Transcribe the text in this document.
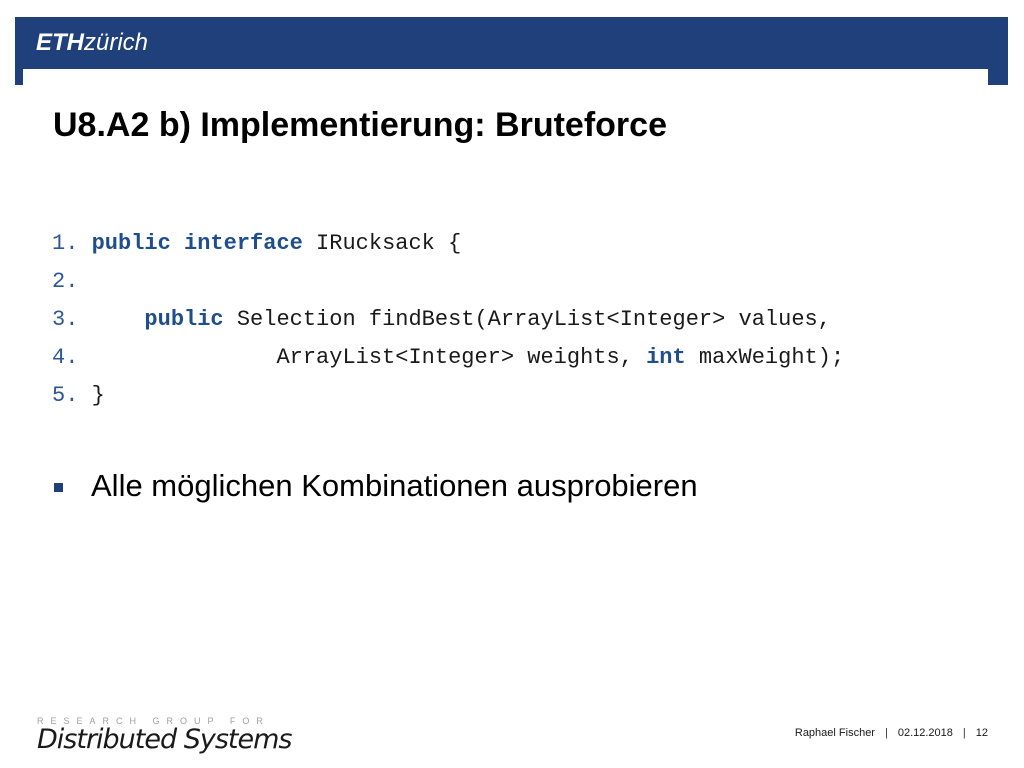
ETHzürich
U8.A2 b) Implementierung: Bruteforce
1. public interface IRucksack {
2.
3.	public Selection findBest(ArrayList<Integer> values,
4.               ArrayList<Integer> weights, int maxWeight);
5. }
Alle möglichen Kombinationen ausprobieren
RESEARCH GROUP FOR
Distributed Systems	Raphael Fischer | 02.12.2018 | 12
